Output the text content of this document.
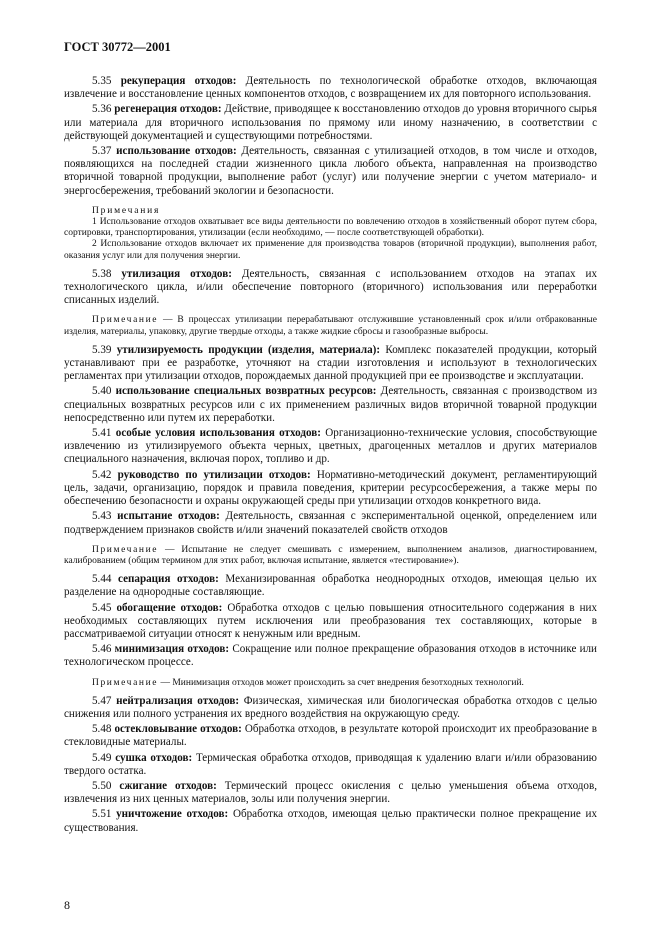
ГОСТ 30772—2001

5.35 рекуперация отходов: Деятельность по технологической обработке отходов, включающая извлечение и восстановление ценных компонентов отходов, с возвращением их для повторного использования.

5.36 регенерация отходов: Действие, приводящее к восстановлению отходов до уровня вторичного сырья или материала для вторичного использования по прямому или иному назначению, в соответствии с действующей документацией и существующими потребностями.

5.37 использование отходов: Деятельность, связанная с утилизацией отходов, в том числе и отходов, появляющихся на последней стадии жизненного цикла любого объекта, направленная на производство вторичной товарной продукции, выполнение работ (услуг) или получение энергии с учетом материало- и энергосбережения, требований экологии и безопасности.

Примечания

1 Использование отходов охватывает все виды деятельности по вовлечению отходов в хозяйственный оборот путем сбора, сортировки, транспортирования, утилизации (если необходимо, — после соответствующей обработки).

2 Использование отходов включает их применение для производства товаров (вторичной продукции), выполнения работ, оказания услуг или для получения энергии.

5.38 утилизация отходов: Деятельность, связанная с использованием отходов на этапах их технологического цикла, и/или обеспечение повторного (вторичного) использования или переработки списанных изделий.

Примечание — В процессах утилизации перерабатывают отслужившие установленный срок и/или отбракованные изделия, материалы, упаковку, другие твердые отходы, а также жидкие сбросы и газообразные выбросы.

5.39 утилизируемость продукции (изделия, материала): Комплекс показателей продукции, который устанавливают при ее разработке, уточняют на стадии изготовления и используют в технологических регламентах при утилизации отходов, порождаемых данной продукцией при ее производстве и эксплуатации.

5.40 использование специальных возвратных ресурсов: Деятельность, связанная с производством из специальных возвратных ресурсов или с их применением различных видов вторичной товарной продукции непосредственно или путем их переработки.

5.41 особые условия использования отходов: Организационно-технические условия, способствующие извлечению из утилизируемого объекта черных, цветных, драгоценных металлов и других материалов специального назначения, включая порох, топливо и др.

5.42 руководство по утилизации отходов: Нормативно-методический документ, регламентирующий цель, задачи, организацию, порядок и правила поведения, критерии ресурсосбережения, а также меры по обеспечению безопасности и охраны окружающей среды при утилизации отходов конкретного вида.

5.43 испытание отходов: Деятельность, связанная с экспериментальной оценкой, определением или подтверждением признаков свойств и/или значений показателей свойств отходов

Примечание — Испытание не следует смешивать с измерением, выполнением анализов, диагностированием, калиброванием (общим термином для этих работ, включая испытание, является «тестирование»).

5.44 сепарация отходов: Механизированная обработка неоднородных отходов, имеющая целью их разделение на однородные составляющие.

5.45 обогащение отходов: Обработка отходов с целью повышения относительного содержания в них необходимых составляющих путем исключения или преобразования тех составляющих, которые в рассматриваемой ситуации относят к ненужным или вредным.

5.46 минимизация отходов: Сокращение или полное прекращение образования отходов в источнике или технологическом процессе.

Примечание — Минимизация отходов может происходить за счет внедрения безотходных технологий.

5.47 нейтрализация отходов: Физическая, химическая или биологическая обработка отходов с целью снижения или полного устранения их вредного воздействия на окружающую среду.

5.48 остекловывание отходов: Обработка отходов, в результате которой происходит их преобразование в стекловидные материалы.

5.49 сушка отходов: Термическая обработка отходов, приводящая к удалению влаги и/или образованию твердого остатка.

5.50 сжигание отходов: Термический процесс окисления с целью уменьшения объема отходов, извлечения из них ценных материалов, золы или получения энергии.

5.51 уничтожение отходов: Обработка отходов, имеющая целью практически полное прекращение их существования.

8
